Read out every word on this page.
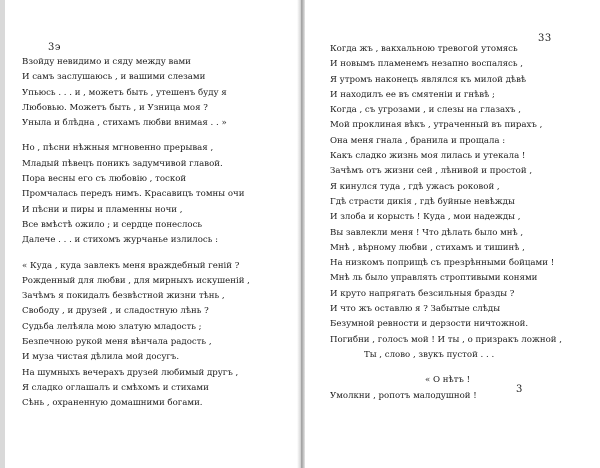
3э
Взойду невидимо и сяду между вами
И самъ заслушаюсь , и вашими слезами
Упьюсь . . . и , можетъ быть , утешенъ буду я
Любовью. Можетъ быть , и Узница моя ?
Уныла и блѣдна , стихамъ любви внимая . . »
Но , пѣсни нѣжныя мгновенно прерывая ,
Младый пѣвецъ поникъ задумчивой главой.
Пора весны его съ любовiю , тоской
Промчалась передъ нимъ. Красавицъ томны очи
И пѣсни и пиры и пламенны ночи ,
Все вмѣстѣ ожило ; и сердце понеслось
Далече . . . и стихомъ журчанье излилось :
« Куда , куда завлекъ меня враждебный генiй ?
Рожденный для любви , для мирныхъ искушенiй ,
Зачѣмъ я покидалъ безвѣстной жизни тѣнь ,
Свободу , и друзей , и сладостную лѣнь ?
Судьба лелѣяла мою златую младость ;
Безпечною рукой меня вѣнчала радость ,
И муза чистая дѣлила мой досугъ.
На шумныхъ вечерахъ друзей любимый другъ ,
Я сладко оглашалъ и смѣхомъ и стихами
Сѣнь , охраненную домашними богами.
33
Когда жъ , вакхальною тревогой утомясь
И новымъ пламенемъ незапно воспалясь ,
Я утромъ наконецъ являлся къ милой дѣвѣ
И находилъ ее въ смятенiи и гнѣвѣ ;
Когда , съ угрозами , и слезы на глазахъ ,
Мой проклиная вѣкъ , утраченный въ пирахъ ,
Она меня гнала , бранила и прощала :
Какъ сладко жизнь моя лилась и утекала !
Зачѣмъ отъ жизни сей , лѣнивой и простой ,
Я кинулся туда , гдѣ ужасъ роковой ,
Гдѣ страсти дикiя , гдѣ буйные невѣжды
И злоба и корысть ! Куда , мои надежды ,
Вы завлекли меня ! Что дѣлать было мнѣ ,
Мнѣ , вѣрному любви , стихамъ и тишинѣ ,
На низкомъ поприщѣ съ презрѣнными бойцами !
Мнѣ ль было управлять строптивыми конями
И круто напрягать безсильныя бразды ?
И что жъ оставлю я ? Забытые слѣды
Безумной ревности и дерзости ничтожной.
Погибни , голосъ мой ! И ты , о призракъ ложной ,
Ты , слово , звукъ пустой . . .
« О нѣтъ !
Умолкни , ропотъ малодушной !
3
